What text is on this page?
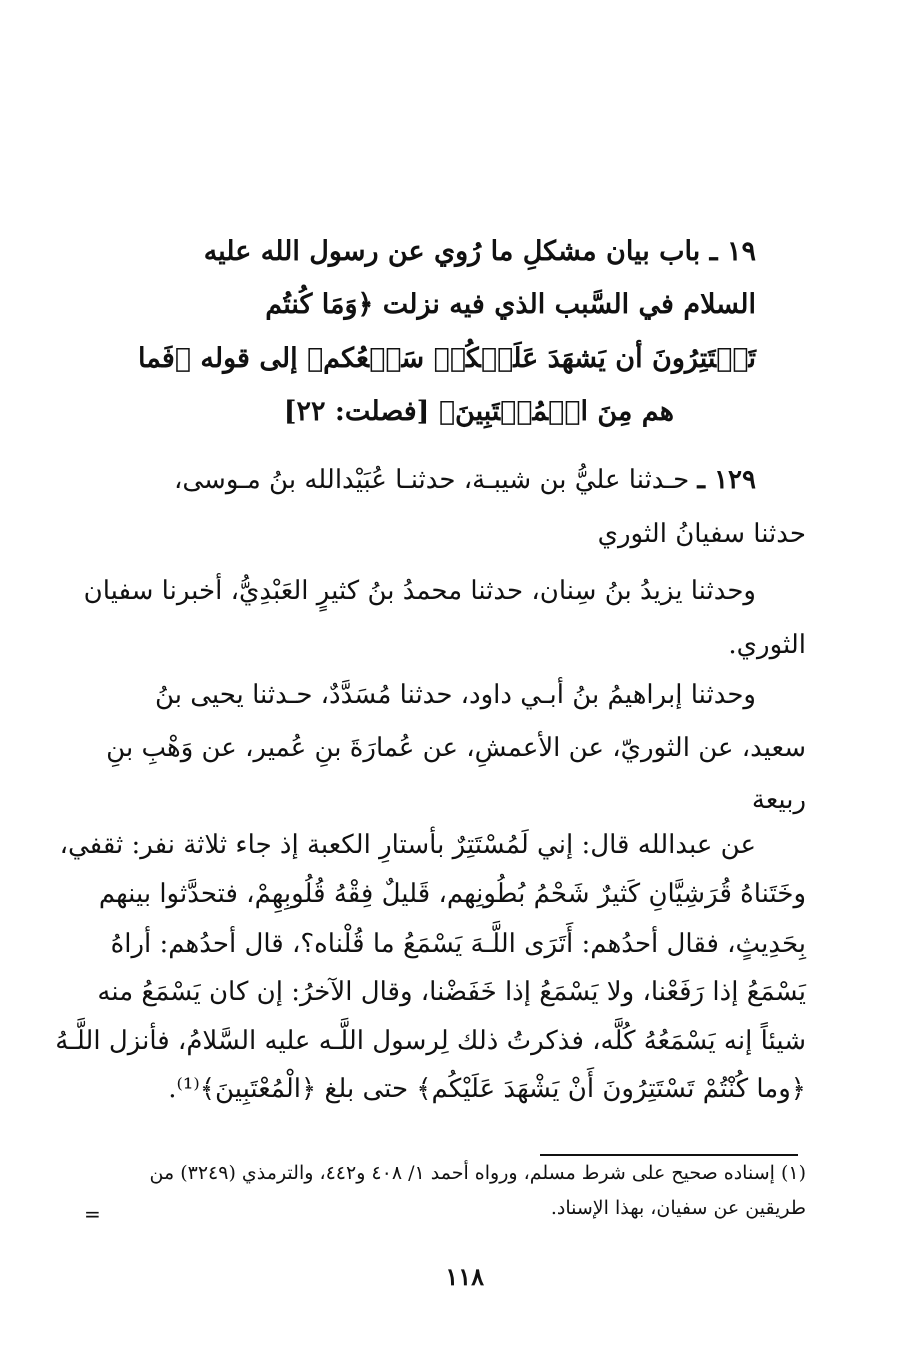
١٩ ـ باب بيان مشكلِ ما رُوي عن رسول الله عليه
السلام في السَّبب الذي فيه نزلت ﴿وَمَا كُنتُم
تَسۡتَتِرُونَ أن يَشهَدَ عَلَيۡكُمۡ سَمۡعُكم﴾ إلى قوله ﴿فَما
هم مِنَ الۡمُعۡتَبِينَ﴾ [فصلت: ٢٢]
١٢٩ ـ حـدثنا عليُّ بن شيبـة، حدثنـا عُبَيْدالله بنُ مـوسى،
حدثنا سفيانُ الثوري
وحدثنا يزيدُ بنُ سِنان، حدثنا محمدُ بنُ كثيرٍ العَبْدِيُّ، أخبرنا سفيان
الثوري.
وحدثنا إبراهيمُ بنُ أبـي داود، حدثنا مُسَدَّدٌ، حـدثنا يحيى بنُ
سعيد، عن الثوريّ، عن الأعمشِ، عن عُمارَةَ بنِ عُمير، عن وَهْبِ بنِ
ربيعة
عن عبدالله قال: إني لَمُسْتَتِرٌ بأستارِ الكعبة إذ جاء ثلاثة نفر: ثقفي،
وخَتَناهُ قُرَشِيَّانِ كَثيرٌ شَحْمُ بُطُونِهم، قَليلٌ فِقْهُ قُلُوبِهِمْ، فتحدَّثوا بينهم
بِحَدِيثٍ، فقال أحدُهم: أَتَرَى اللَّـهَ يَسْمَعُ ما قُلْناه؟، قال أحدُهم: أراهُ
يَسْمَعُ إذا رَفَعْنا، ولا يَسْمَعُ إذا خَفَضْنا، وقال الآخرُ: إن كان يَسْمَعُ منه
شيئاً إنه يَسْمَعُهُ كُلَّه، فذكرتُ ذلك لِرسول اللَّـه عليه السَّلامُ، فأنزل اللَّـهُ
﴿وما كُنْتُمْ تَسْتَتِرُونَ أَنْ يَشْهَدَ عَلَيْكُم﴾ حتى بلغ ﴿الْمُعْتَبِينَ﴾⁽¹⁾.
(١) إسناده صحيح على شرط مسلم، ورواه أحمد ١/ ٤٠٨ و٤٤٢، والترمذي (٣٢٤٩) من
طريقين عن سفيان، بهذا الإسناد.
=
١١٨
